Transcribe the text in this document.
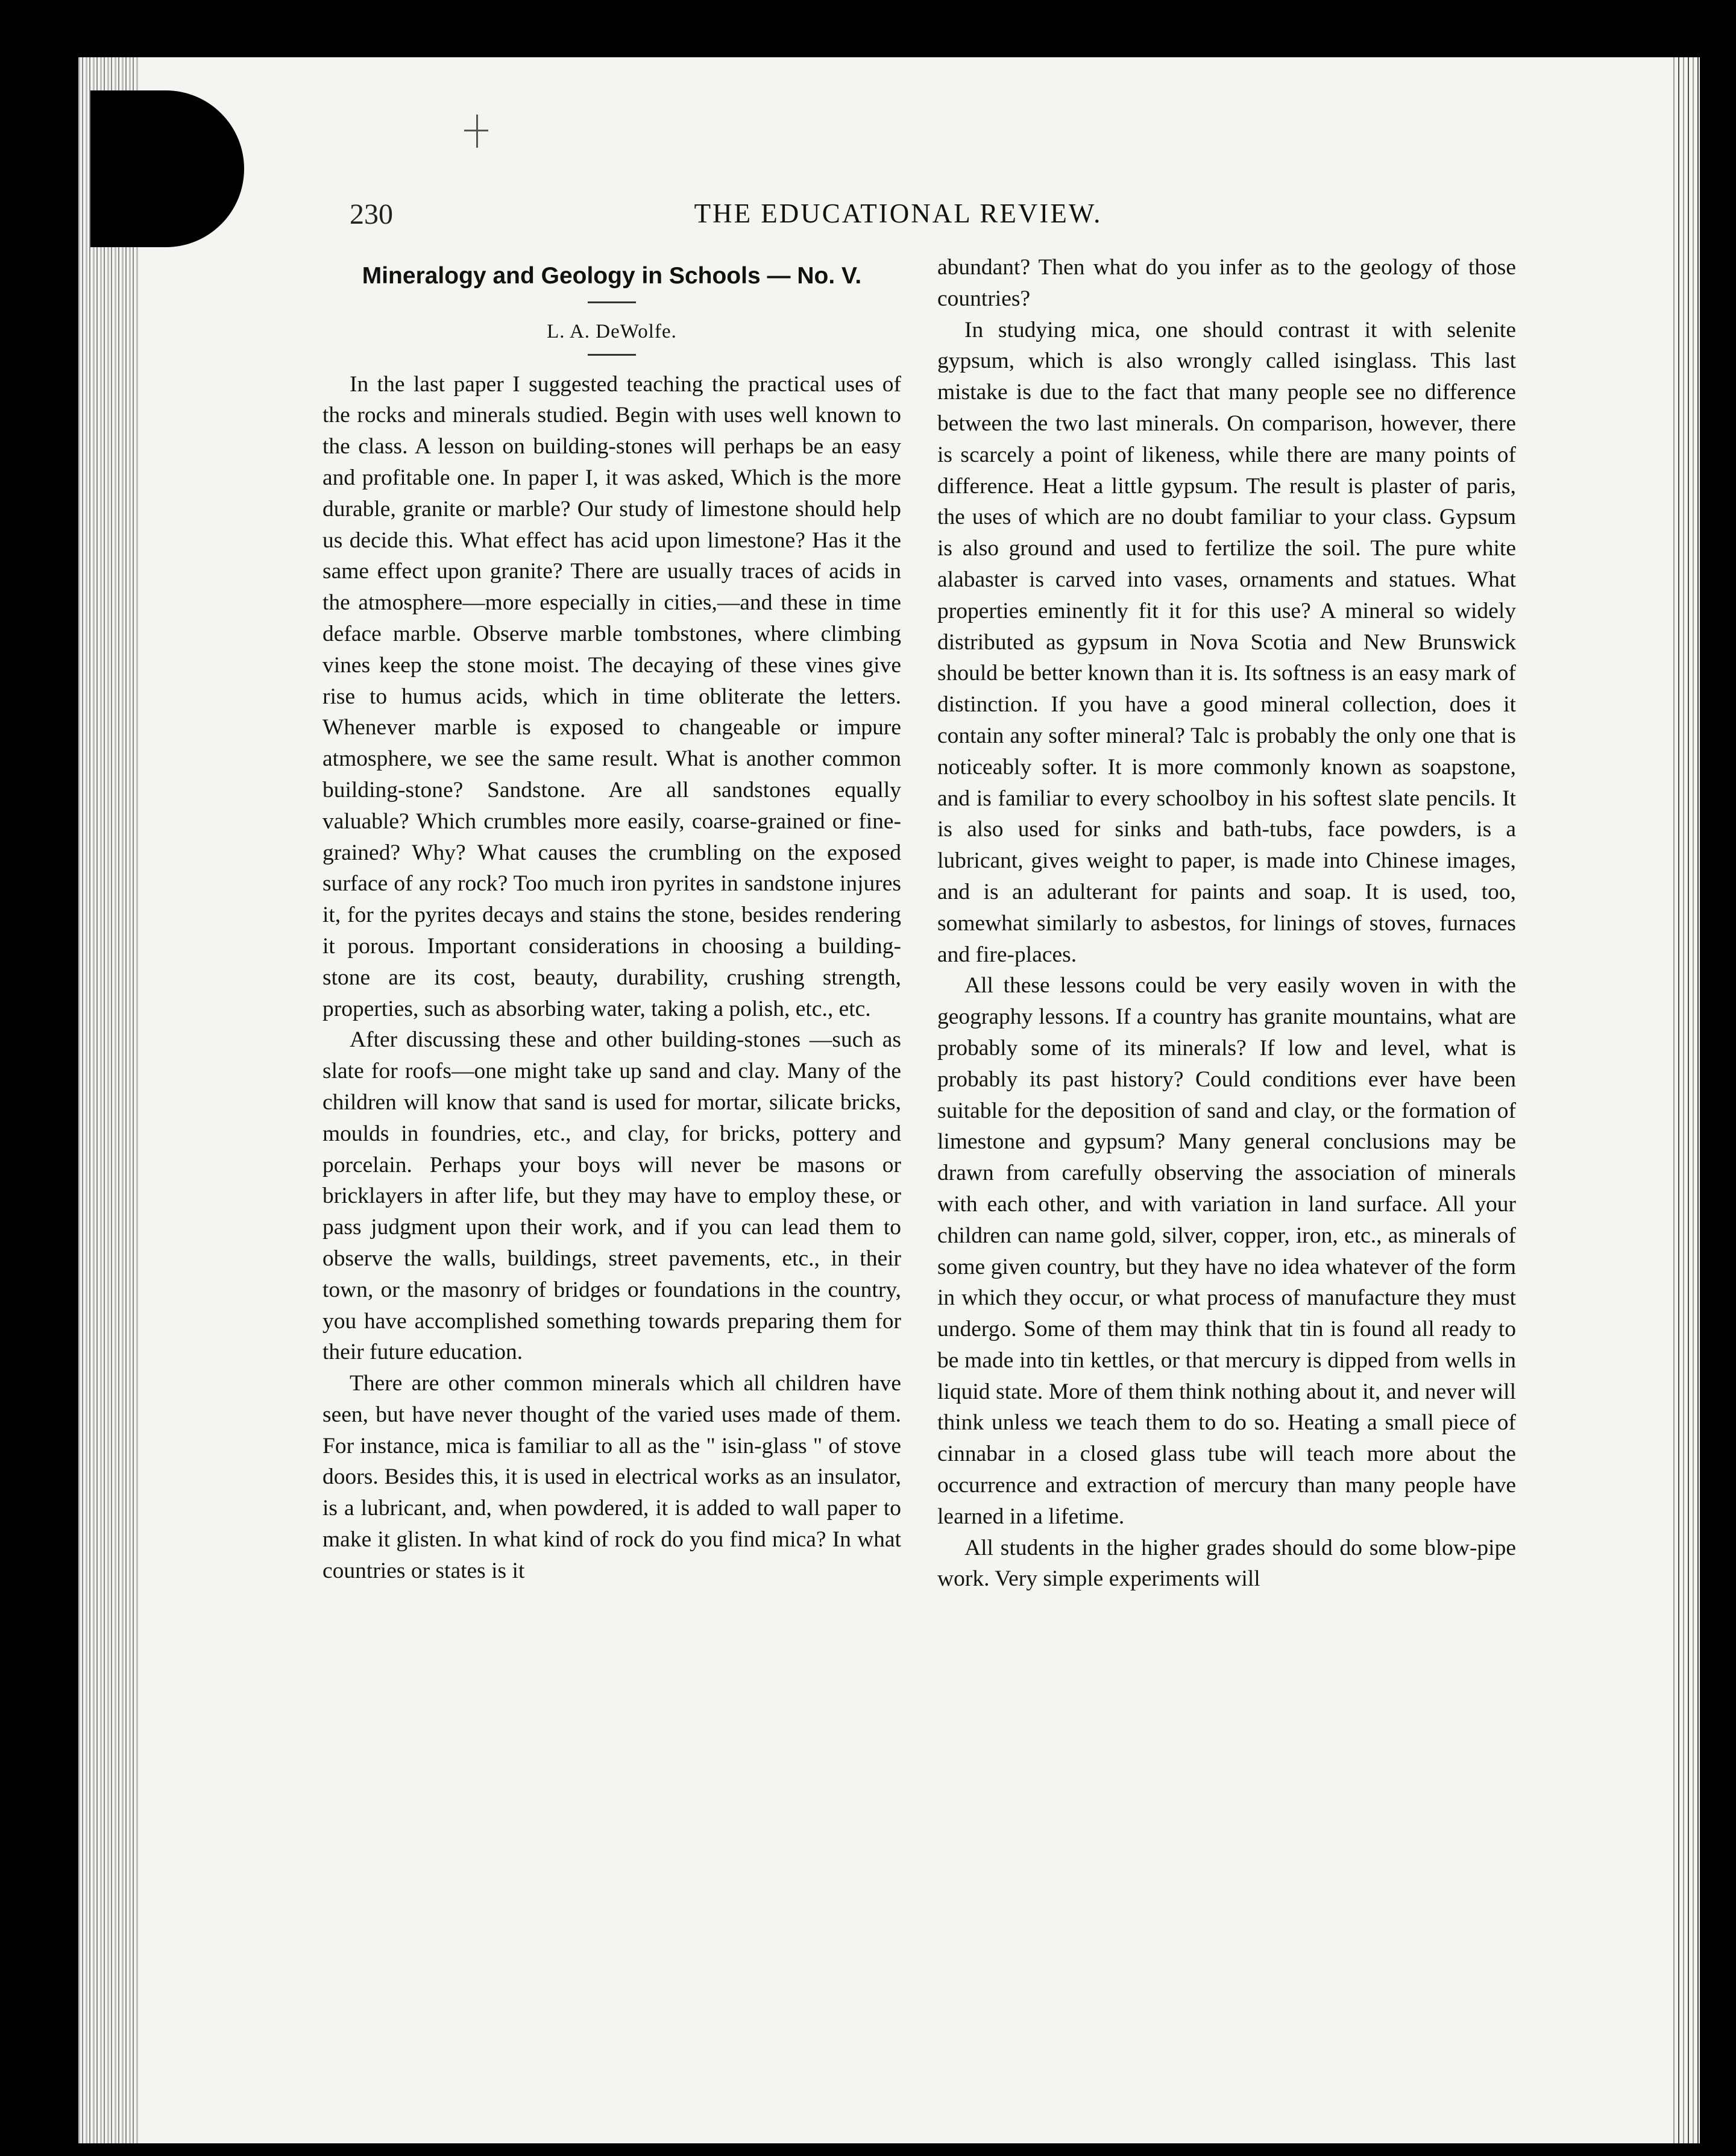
230	THE EDUCATIONAL REVIEW.
Mineralogy and Geology in Schools — No. V.
L. A. DeWolfe.

In the last paper I suggested teaching the practical uses of the rocks and minerals studied. Begin with uses well known to the class. A lesson on building-stones will perhaps be an easy and profitable one. In paper I, it was asked, Which is the more durable, granite or marble? Our study of limestone should help us decide this. What effect has acid upon limestone? Has it the same effect upon granite? There are usually traces of acids in the atmosphere—more especially in cities,—and these in time deface marble. Observe marble tombstones, where climbing vines keep the stone moist. The decaying of these vines give rise to humus acids, which in time obliterate the letters. Whenever marble is exposed to changeable or impure atmosphere, we see the same result. What is another common building-stone? Sandstone. Are all sandstones equally valuable? Which crumbles more easily, coarse-grained or fine-grained? Why? What causes the crumbling on the exposed surface of any rock? Too much iron pyrites in sandstone injures it, for the pyrites decays and stains the stone, besides rendering it porous. Important considerations in choosing a building-stone are its cost, beauty, durability, crushing strength, properties, such as absorbing water, taking a polish, etc., etc.

After discussing these and other building-stones —such as slate for roofs—one might take up sand and clay. Many of the children will know that sand is used for mortar, silicate bricks, moulds in foundries, etc., and clay, for bricks, pottery and porcelain. Perhaps your boys will never be masons or bricklayers in after life, but they may have to employ these, or pass judgment upon their work, and if you can lead them to observe the walls, buildings, street pavements, etc., in their town, or the masonry of bridges or foundations in the country, you have accomplished something towards preparing them for their future education.

There are other common minerals which all children have seen, but have never thought of the varied uses made of them. For instance, mica is familiar to all as the " isin-glass " of stove doors. Besides this, it is used in electrical works as an insulator, is a lubricant, and, when powdered, it is added to wall paper to make it glisten. In what kind of rock do you find mica? In what countries or states is it

abundant? Then what do you infer as to the geology of those countries?

In studying mica, one should contrast it with selenite gypsum, which is also wrongly called isinglass. This last mistake is due to the fact that many people see no difference between the two last minerals. On comparison, however, there is scarcely a point of likeness, while there are many points of difference. Heat a little gypsum. The result is plaster of paris, the uses of which are no doubt familiar to your class. Gypsum is also ground and used to fertilize the soil. The pure white alabaster is carved into vases, ornaments and statues. What properties eminently fit it for this use? A mineral so widely distributed as gypsum in Nova Scotia and New Brunswick should be better known than it is. Its softness is an easy mark of distinction. If you have a good mineral collection, does it contain any softer mineral? Talc is probably the only one that is noticeably softer. It is more commonly known as soapstone, and is familiar to every schoolboy in his softest slate pencils. It is also used for sinks and bath-tubs, face powders, is a lubricant, gives weight to paper, is made into Chinese images, and is an adulterant for paints and soap. It is used, too, somewhat similarly to asbestos, for linings of stoves, furnaces and fire-places.

All these lessons could be very easily woven in with the geography lessons. If a country has granite mountains, what are probably some of its minerals? If low and level, what is probably its past history? Could conditions ever have been suitable for the deposition of sand and clay, or the formation of limestone and gypsum? Many general conclusions may be drawn from carefully observing the association of minerals with each other, and with variation in land surface. All your children can name gold, silver, copper, iron, etc., as minerals of some given country, but they have no idea whatever of the form in which they occur, or what process of manufacture they must undergo. Some of them may think that tin is found all ready to be made into tin kettles, or that mercury is dipped from wells in liquid state. More of them think nothing about it, and never will think unless we teach them to do so. Heating a small piece of cinnabar in a closed glass tube will teach more about the occurrence and extraction of mercury than many people have learned in a lifetime.

All students in the higher grades should do some blow-pipe work. Very simple experiments will
